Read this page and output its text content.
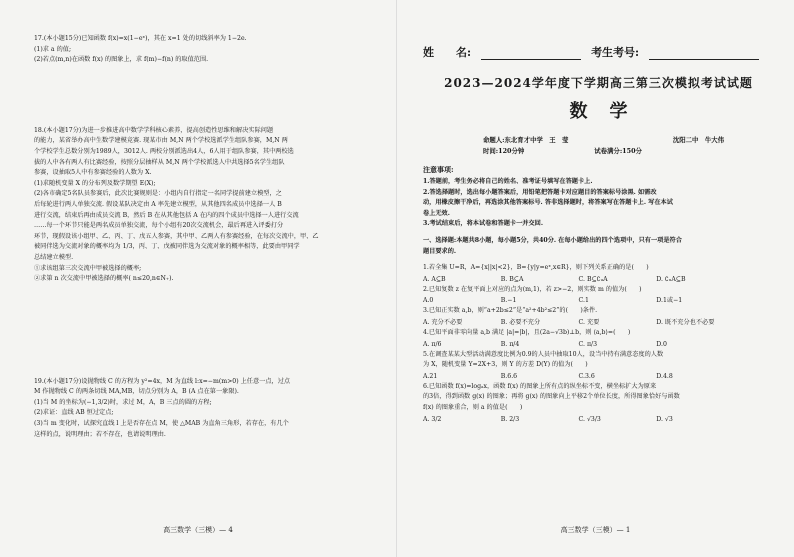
17.(本小题15分)已知函数 f(x)=x(1−eˣ)，其在 x=1 处的切线斜率为 1−2e.

(1)求 a 的值;

(2)若点(m,n)在函数 f(x) 的图象上，求 f(m)−f(n) 的取值范围.

18.(本小题17分)为进一步推进高中数学学科核心素养，提高创造性思维和解决实际问题

的能力，某省举办高中生数学建模竞赛. 现某市由 M,N 两个学校选派学生组队参赛，M,N 两

个学校学生总数分别为1989人，3012人. 两校分别派选出4人，6人用于组队参赛，其中两校选

拔的人中各有两人有比赛经验，按照分层抽样从 M,N 两个学校派选人中共选择5名学生组队

参赛，设抽取5人中有参赛经验的人数为 X.

(1)求随机变量 X 的分布列及数学期望 E(X);

(2)各市确定5名队员参赛后，此次比赛规则是：小组内自行指定一名同学提前建立模型，之

后每轮进行两人单独交流. 假设某队决定由 A 率先建立模型，从其他四名成员中选择一人 B

进行交流，结束后再由成员交流 B，然后 B 在从其他包括 A 在内的四个成员中选择一人进行交流

……每一个环节只能是两名成员单独交流，每个小组有20次交流机会，最后再进入评委打分

环节，现假设该小组甲、乙、丙、丁、戊五人参赛，其中甲、乙两人有参赛经验，在每次交流中，甲、乙

被同伴选为交流对象的概率均为 1/3，丙、丁、戊被同伴选为交流对象的概率相等，此要由甲同学

总结建立模型.

①求该组第三次交流中甲被选择的概率;

②求第 n 次交流中甲被选择的概率( n≤20,n∈N₊).

19.(本小题17分)设抛物线 C 的方程为 y²=4x，M 为直线 l:x=−m(m>0) 上任意一点，过点

M 作抛物线 C 的两条切线 MA,MB，切点分别为 A，B (A 点在第一象限).

(1)当 M 的坐标为(−1,3/2)时，求过 M，A，B 三点的圆的方程;

(2)求证：直线 AB 恒过定点;

(3)当 m 变化时，试探究直线 l 上是否存在点 M，使 △MAB 为直角三角形，若存在，有几个

这样的点，说明理由；若不存在，也请说明理由.

高三数学（三模）— 4
姓　　名:	考生考号:

2023—2024学年度下学期高三第三次模拟考试试题

数学

命题人:东北育才中学　王　莹	沈阳二中　牛大伟
时间:120分钟	试卷满分:150分

注意事项:

1.答题前，考生务必将自己的姓名、准考证号填写在答题卡上.

2.答选择题时，选出每小题答案后，用铅笔把答题卡对应题目的答案标号涂黑. 如需改

动，用橡皮擦干净后，再选涂其他答案标号. 答非选择题时，将答案写在答题卡上. 写在本试

卷上无效.

3.考试结束后，将本试卷和答题卡一并交回.

一、选择题:本题共8小题，每小题5分，共40分. 在每小题给出的四个选项中，只有一项是符合

题目要求的.

1.若全集 U=R，A={x||x|<2}，B={y|y=eˣ,x∈R}，则下列关系正确的是(　　)

A. A⊆B	B. B⊆A	C. B⊆∁ᵤA	D. ∁ᵤA⊆B

2.已知复数 z 在复平面上对应的点为(m,1)，若 z>−2，则实数 m 的值为(　　)

A.0	B.−1	C.1	D.1或−1

3.已知正实数 a,b，则“a+2b≤2”是“a²+4b²≤2”的(　　)条件.

A. 充分不必要	B. 必要不充分	C. 充要	D. 既不充分也不必要

4.已知平面非零向量 a,b 满足 |a|=|b|，且(2a−√3b)⊥b，则 ⟨a,b⟩=(　　)

A. π/6	B. π/4	C. π/3	D.0

5.在调查某某大型活动满意度比例为0.9的人员中抽取10人，设当中持有满意态度的人数

为 X，随机变量 Y=2X+3，则 Y 的方差 D(Y) 的值为(　　)

A.21	B.6.6	C.3.6	D.4.8

6.已知函数 f(x)=logₐx，函数 f(x) 的图象上所有点的纵坐标不变，横坐标扩大为原来

的3倍，得到函数 g(x) 的图象；再将 g(x) 的图象向上平移2个单位长度，所得图象恰好与函数

f(x) 的图象重合，则 a 的值是(　　)

A. 3/2	B. 2/3	C. √3/3	D. √3
高三数学（三模）— 1
